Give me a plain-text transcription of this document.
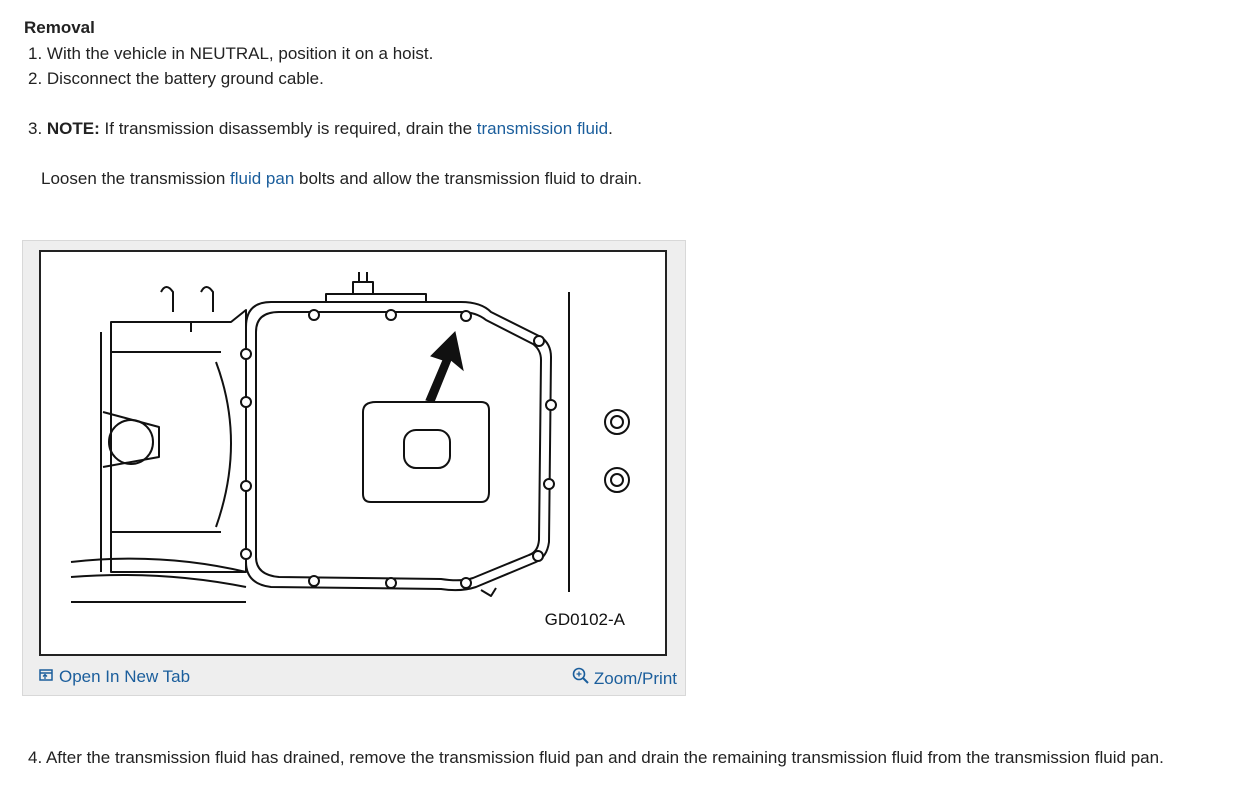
Removal
1. With the vehicle in NEUTRAL, position it on a hoist.
2. Disconnect the battery ground cable.
3. NOTE: If transmission disassembly is required, drain the transmission fluid.
Loosen the transmission fluid pan bolts and allow the transmission fluid to drain.
GD0102-A
Open In New Tab	Zoom/Print
4. After the transmission fluid has drained, remove the transmission fluid pan and drain the remaining transmission fluid from the transmission fluid pan.
